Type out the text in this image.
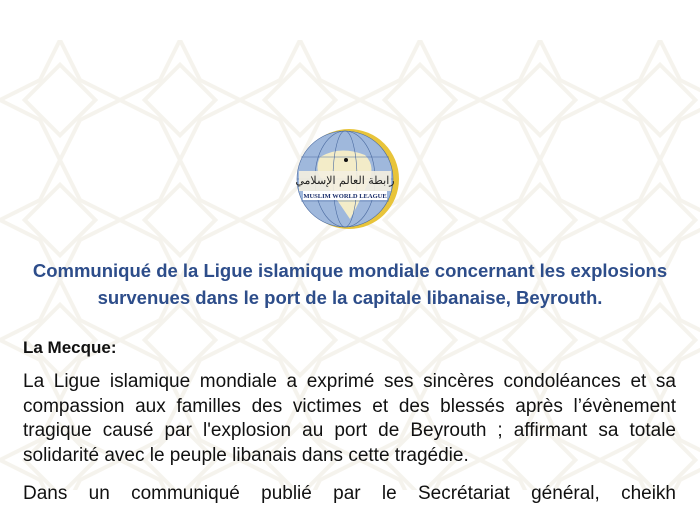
رابطة العالم الإسلامي
MUSLIM WORLD LEAGUE
Communiqué de la Ligue islamique mondiale concernant les explosions survenues dans le port de la capitale libanaise, Beyrouth.
La Mecque:

La Ligue islamique mondiale a exprimé ses sincères condoléances et sa compassion aux familles des victimes et des blessés après l’évènement tragique causé par l'explosion au port de Beyrouth ; affirmant sa totale solidarité avec le peuple libanais dans cette tragédie.

Dans un communiqué publié par le Secrétariat général, cheikh
